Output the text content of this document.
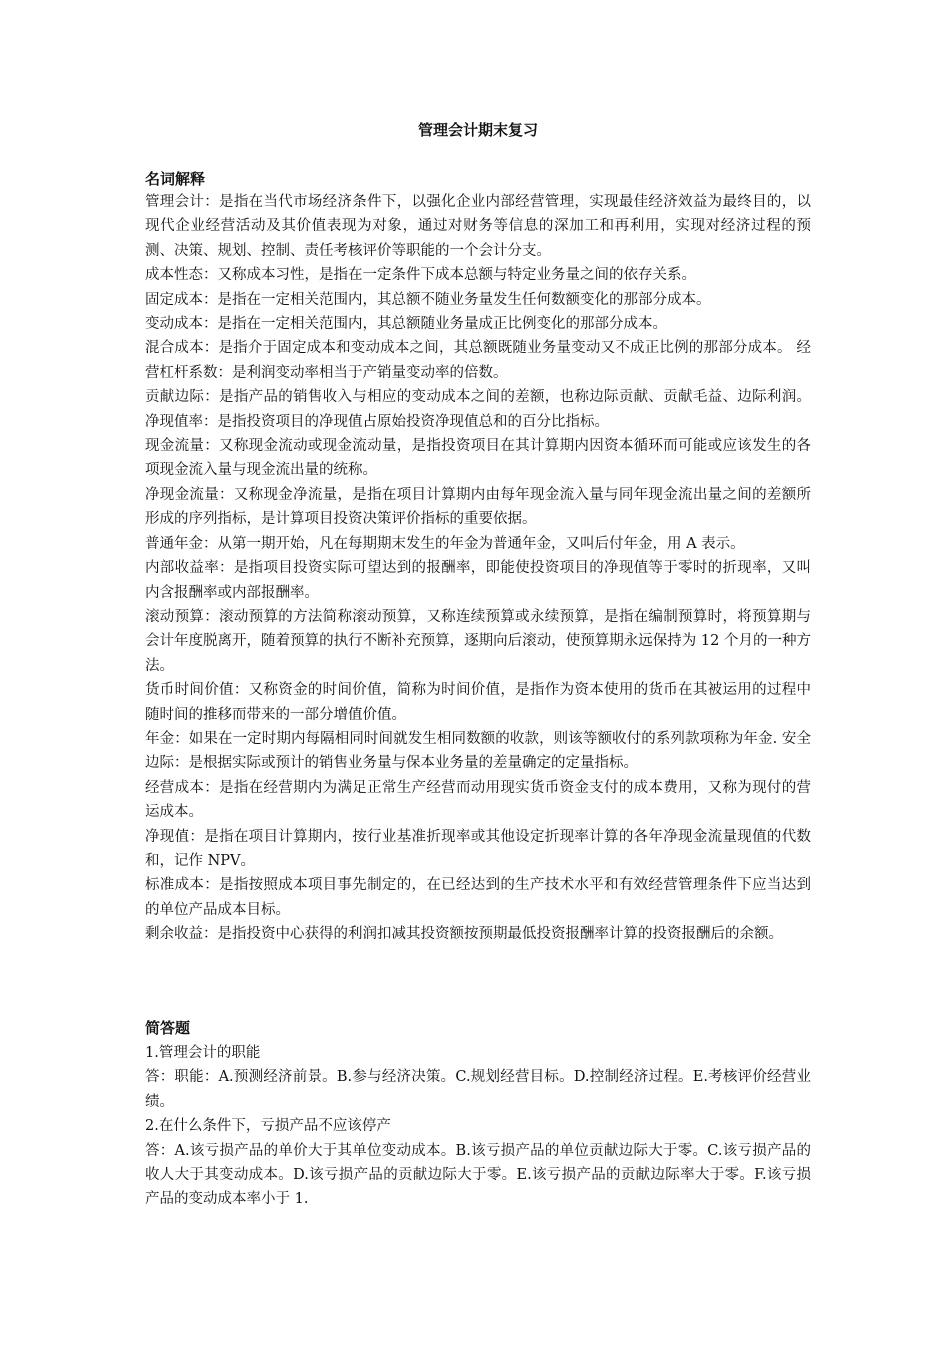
管理会计期末复习
名词解释

管理会计：是指在当代市场经济条件下，以强化企业内部经营管理，实现最佳经济效益为最终目的，以现代企业经营活动及其价值表现为对象，通过对财务等信息的深加工和再利用，实现对经济过程的预测、决策、规划、控制、责任考核评价等职能的一个会计分支。

成本性态：又称成本习性，是指在一定条件下成本总额与特定业务量之间的依存关系。

固定成本：是指在一定相关范围内，其总额不随业务量发生任何数额变化的那部分成本。

变动成本：是指在一定相关范围内，其总额随业务量成正比例变化的那部分成本。

混合成本：是指介于固定成本和变动成本之间，其总额既随业务量变动又不成正比例的那部分成本。 经营杠杆系数：是利润变动率相当于产销量变动率的倍数。

贡献边际：是指产品的销售收入与相应的变动成本之间的差额，也称边际贡献、贡献毛益、边际利润。 净现值率：是指投资项目的净现值占原始投资净现值总和的百分比指标。

现金流量：又称现金流动或现金流动量，是指投资项目在其计算期内因资本循环而可能或应该发生的各项现金流入量与现金流出量的统称。

净现金流量：又称现金净流量，是指在项目计算期内由每年现金流入量与同年现金流出量之间的差额所形成的序列指标，是计算项目投资决策评价指标的重要依据。

普通年金：从第一期开始，凡在每期期末发生的年金为普通年金，又叫后付年金，用 A 表示。

内部收益率：是指项目投资实际可望达到的报酬率，即能使投资项目的净现值等于零时的折现率，又叫内含报酬率或内部报酬率。

滚动预算：滚动预算的方法简称滚动预算，又称连续预算或永续预算，是指在编制预算时，将预算期与会计年度脱离开，随着预算的执行不断补充预算，逐期向后滚动，使预算期永远保持为 12 个月的一种方法。

货币时间价值：又称资金的时间价值，简称为时间价值，是指作为资本使用的货币在其被运用的过程中随时间的推移而带来的一部分增值价值。

年金：如果在一定时期内每隔相同时间就发生相同数额的收款，则该等额收付的系列款项称为年金. 安全边际：是根据实际或预计的销售业务量与保本业务量的差量确定的定量指标。

经营成本：是指在经营期内为满足正常生产经营而动用现实货币资金支付的成本费用，又称为现付的营运成本。

净现值：是指在项目计算期内，按行业基准折现率或其他设定折现率计算的各年净现金流量现值的代数和，记作 NPV。

标准成本：是指按照成本项目事先制定的，在已经达到的生产技术水平和有效经营管理条件下应当达到的单位产品成本目标。

剩余收益：是指投资中心获得的利润扣减其投资额按预期最低投资报酬率计算的投资报酬后的余额。

简答题

1.管理会计的职能

答：职能：A.预测经济前景。B.参与经济决策。C.规划经营目标。D.控制经济过程。E.考核评价经营业绩。

2.在什么条件下，亏损产品不应该停产

答：A.该亏损产品的单价大于其单位变动成本。B.该亏损产品的单位贡献边际大于零。C.该亏损产品的收人大于其变动成本。D.该亏损产品的贡献边际大于零。E.该亏损产品的贡献边际率大于零。F.该亏损产品的变动成本率小于 1.
